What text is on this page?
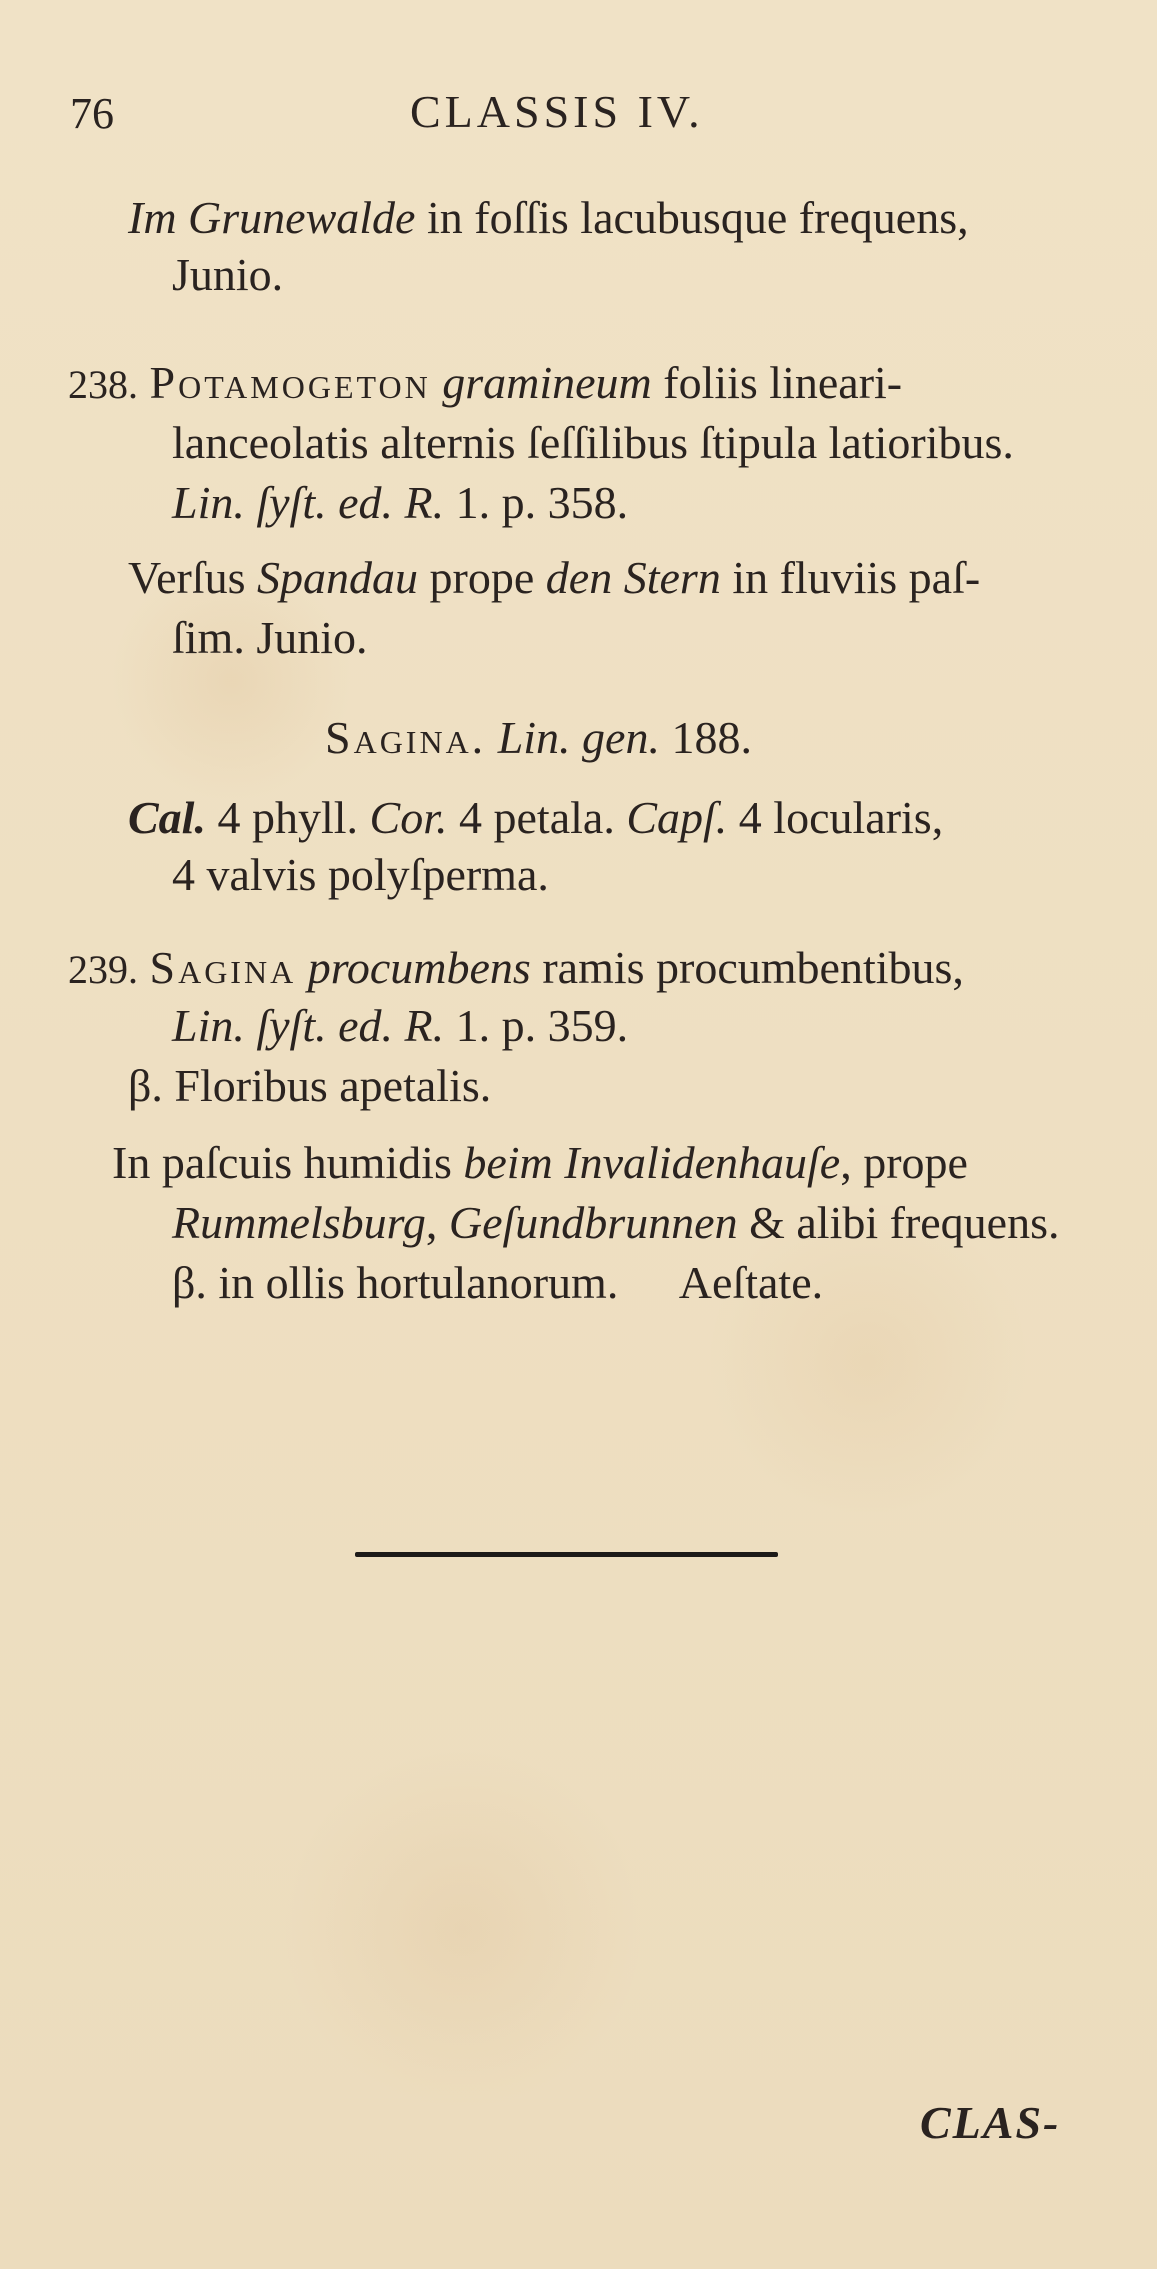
76	CLASSIS IV.
Im Grunewalde in foſſis lacubusque frequens,
Junio.
238. Potamogeton gramineum foliis lineari-
lanceolatis alternis ſeſſilibus ſtipula latioribus.
Lin. ſyſt. ed. R. 1. p. 358.
Verſus Spandau prope den Stern in fluviis paſ-
ſim. Junio.
Sagina. Lin. gen. 188.
Cal. 4 phyll. Cor. 4 petala. Capſ. 4 locularis,
4 valvis polyſperma.
239. Sagina procumbens ramis procumbentibus,
Lin. ſyſt. ed. R. 1. p. 359.
β. Floribus apetalis.
In paſcuis humidis beim Invalidenhauſe, prope
Rummelsburg, Geſundbrunnen & alibi frequens.
β. in ollis hortulanorum. Aeſtate.
CLAS-
